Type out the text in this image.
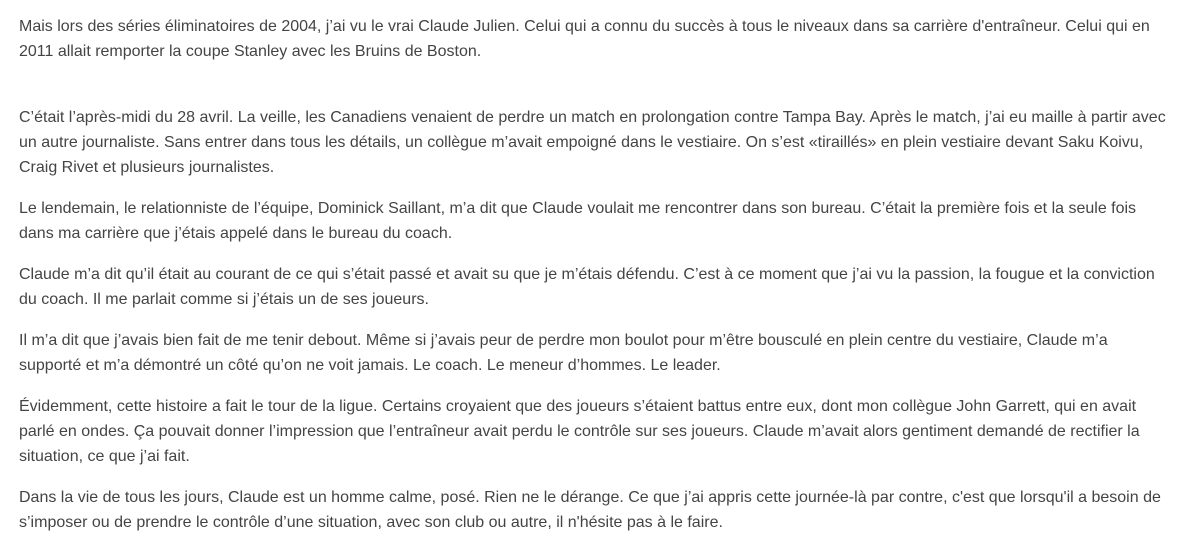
Mais lors des séries éliminatoires de 2004, j’ai vu le vrai Claude Julien. Celui qui a connu du succès à tous le niveaux dans sa carrière d'entraîneur. Celui qui en 2011 allait remporter la coupe Stanley avec les Bruins de Boston.

C’était l’après-midi du 28 avril. La veille, les Canadiens venaient de perdre un match en prolongation contre Tampa Bay. Après le match, j’ai eu maille à partir avec un autre journaliste. Sans entrer dans tous les détails, un collègue m’avait empoigné dans le vestiaire. On s’est «tiraillés» en plein vestiaire devant Saku Koivu, Craig Rivet et plusieurs journalistes.

Le lendemain, le relationniste de l’équipe, Dominick Saillant, m’a dit que Claude voulait me rencontrer dans son bureau. C’était la première fois et la seule fois dans ma carrière que j’étais appelé dans le bureau du coach.

Claude m’a dit qu’il était au courant de ce qui s’était passé et avait su que je m’étais défendu. C’est à ce moment que j’ai vu la passion, la fougue et la conviction du coach. Il me parlait comme si j’étais un de ses joueurs.

Il m’a dit que j’avais bien fait de me tenir debout. Même si j’avais peur de perdre mon boulot pour m’être bousculé en plein centre du vestiaire, Claude m’a supporté et m’a démontré un côté qu’on ne voit jamais. Le coach. Le meneur d’hommes. Le leader.

Évidemment, cette histoire a fait le tour de la ligue. Certains croyaient que des joueurs s’étaient battus entre eux, dont mon collègue John Garrett, qui en avait parlé en ondes. Ça pouvait donner l’impression que l’entraîneur avait perdu le contrôle sur ses joueurs. Claude m’avait alors gentiment demandé de rectifier la situation, ce que j’ai fait.

Dans la vie de tous les jours, Claude est un homme calme, posé. Rien ne le dérange. Ce que j’ai appris cette journée-là par contre, c'est que lorsqu'il a besoin de s’imposer ou de prendre le contrôle d’une situation, avec son club ou autre, il n'hésite pas à le faire.
